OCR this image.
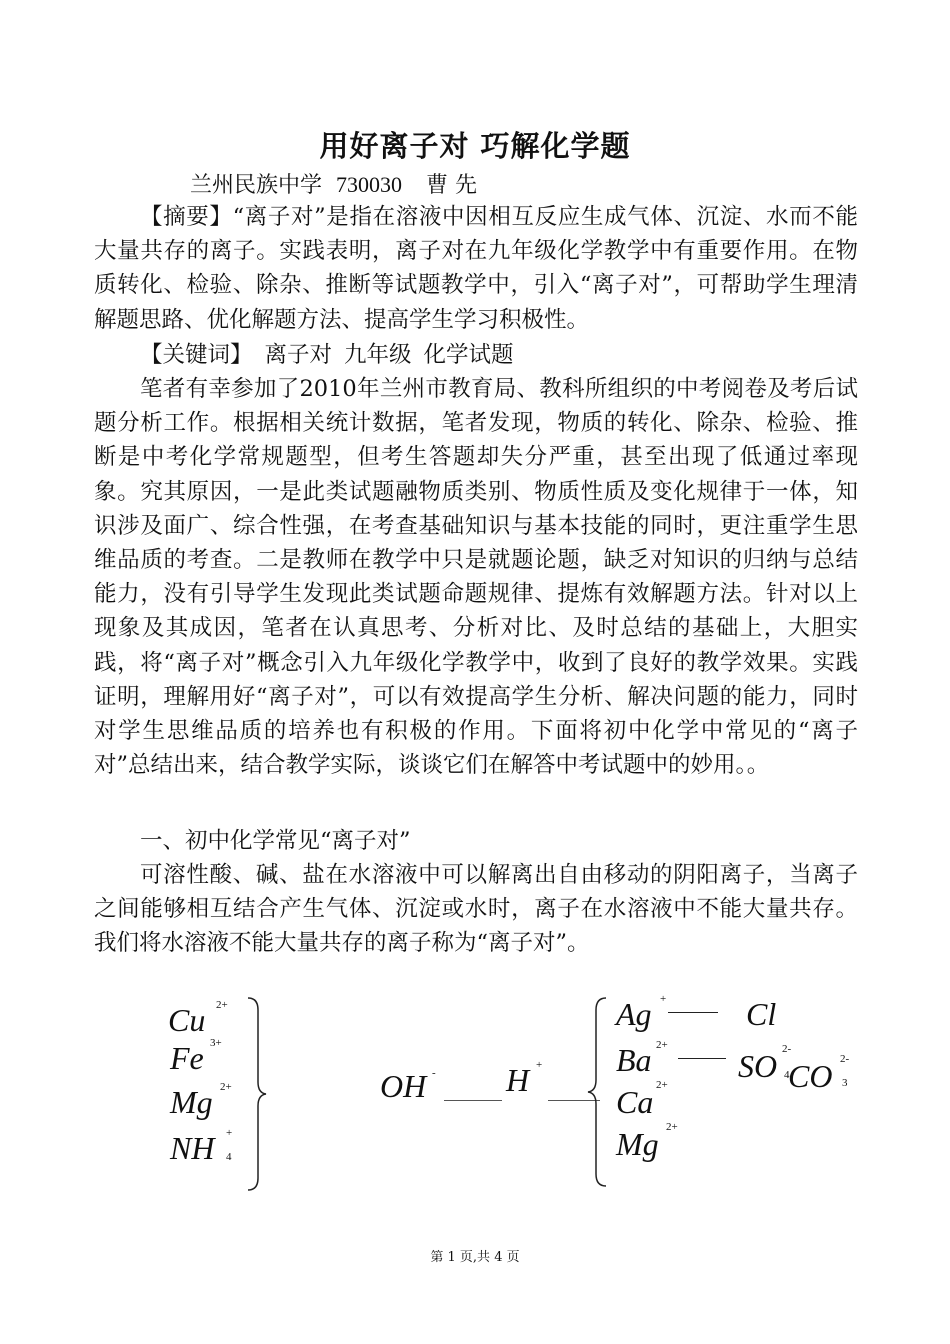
用好离子对 巧解化学题
兰州民族中学 730030 曹 先

【摘要】“离子对”是指在溶液中因相互反应生成气体、沉淀、水而不能大量共存的离子。实践表明，离子对在九年级化学教学中有重要作用。在物质转化、检验、除杂、推断等试题教学中，引入“离子对”，可帮助学生理清解题思路、优化解题方法、提高学生学习积极性。

【关键词】 离子对 九年级 化学试题

笔者有幸参加了2010年兰州市教育局、教科所组织的中考阅卷及考后试题分析工作。根据相关统计数据，笔者发现，物质的转化、除杂、检验、推断是中考化学常规题型，但考生答题却失分严重，甚至出现了低通过率现象。究其原因，一是此类试题融物质类别、物质性质及变化规律于一体，知识涉及面广、综合性强，在考查基础知识与基本技能的同时，更注重学生思维品质的考查。二是教师在教学中只是就题论题，缺乏对知识的归纳与总结能力，没有引导学生发现此类试题命题规律、提炼有效解题方法。针对以上现象及其成因，笔者在认真思考、分析对比、及时总结的基础上，大胆实践，将“离子对”概念引入九年级化学教学中，收到了良好的教学效果。实践证明，理解用好“离子对”，可以有效提高学生分析、解决问题的能力，同时对学生思维品质的培养也有积极的作用。下面将初中化学中常见的“离子对”总结出来，结合教学实际，谈谈它们在解答中考试题中的妙用。。

一、初中化学常见“离子对”

可溶性酸、碱、盐在水溶液中可以解离出自由移动的阴阳离子，当离子之间能够相互结合产生气体、沉淀或水时，离子在水溶液中不能大量共存。我们将水溶液不能大量共存的离子称为“离子对”。

Cu 2+
Fe 3+
Mg 2+
NH +
4
OH - H +
Ag + Cl
Ba 2+
SO 2-
4
CO 2-
3
Ca 2+
Mg 2+
第 1 页,共 4 页
